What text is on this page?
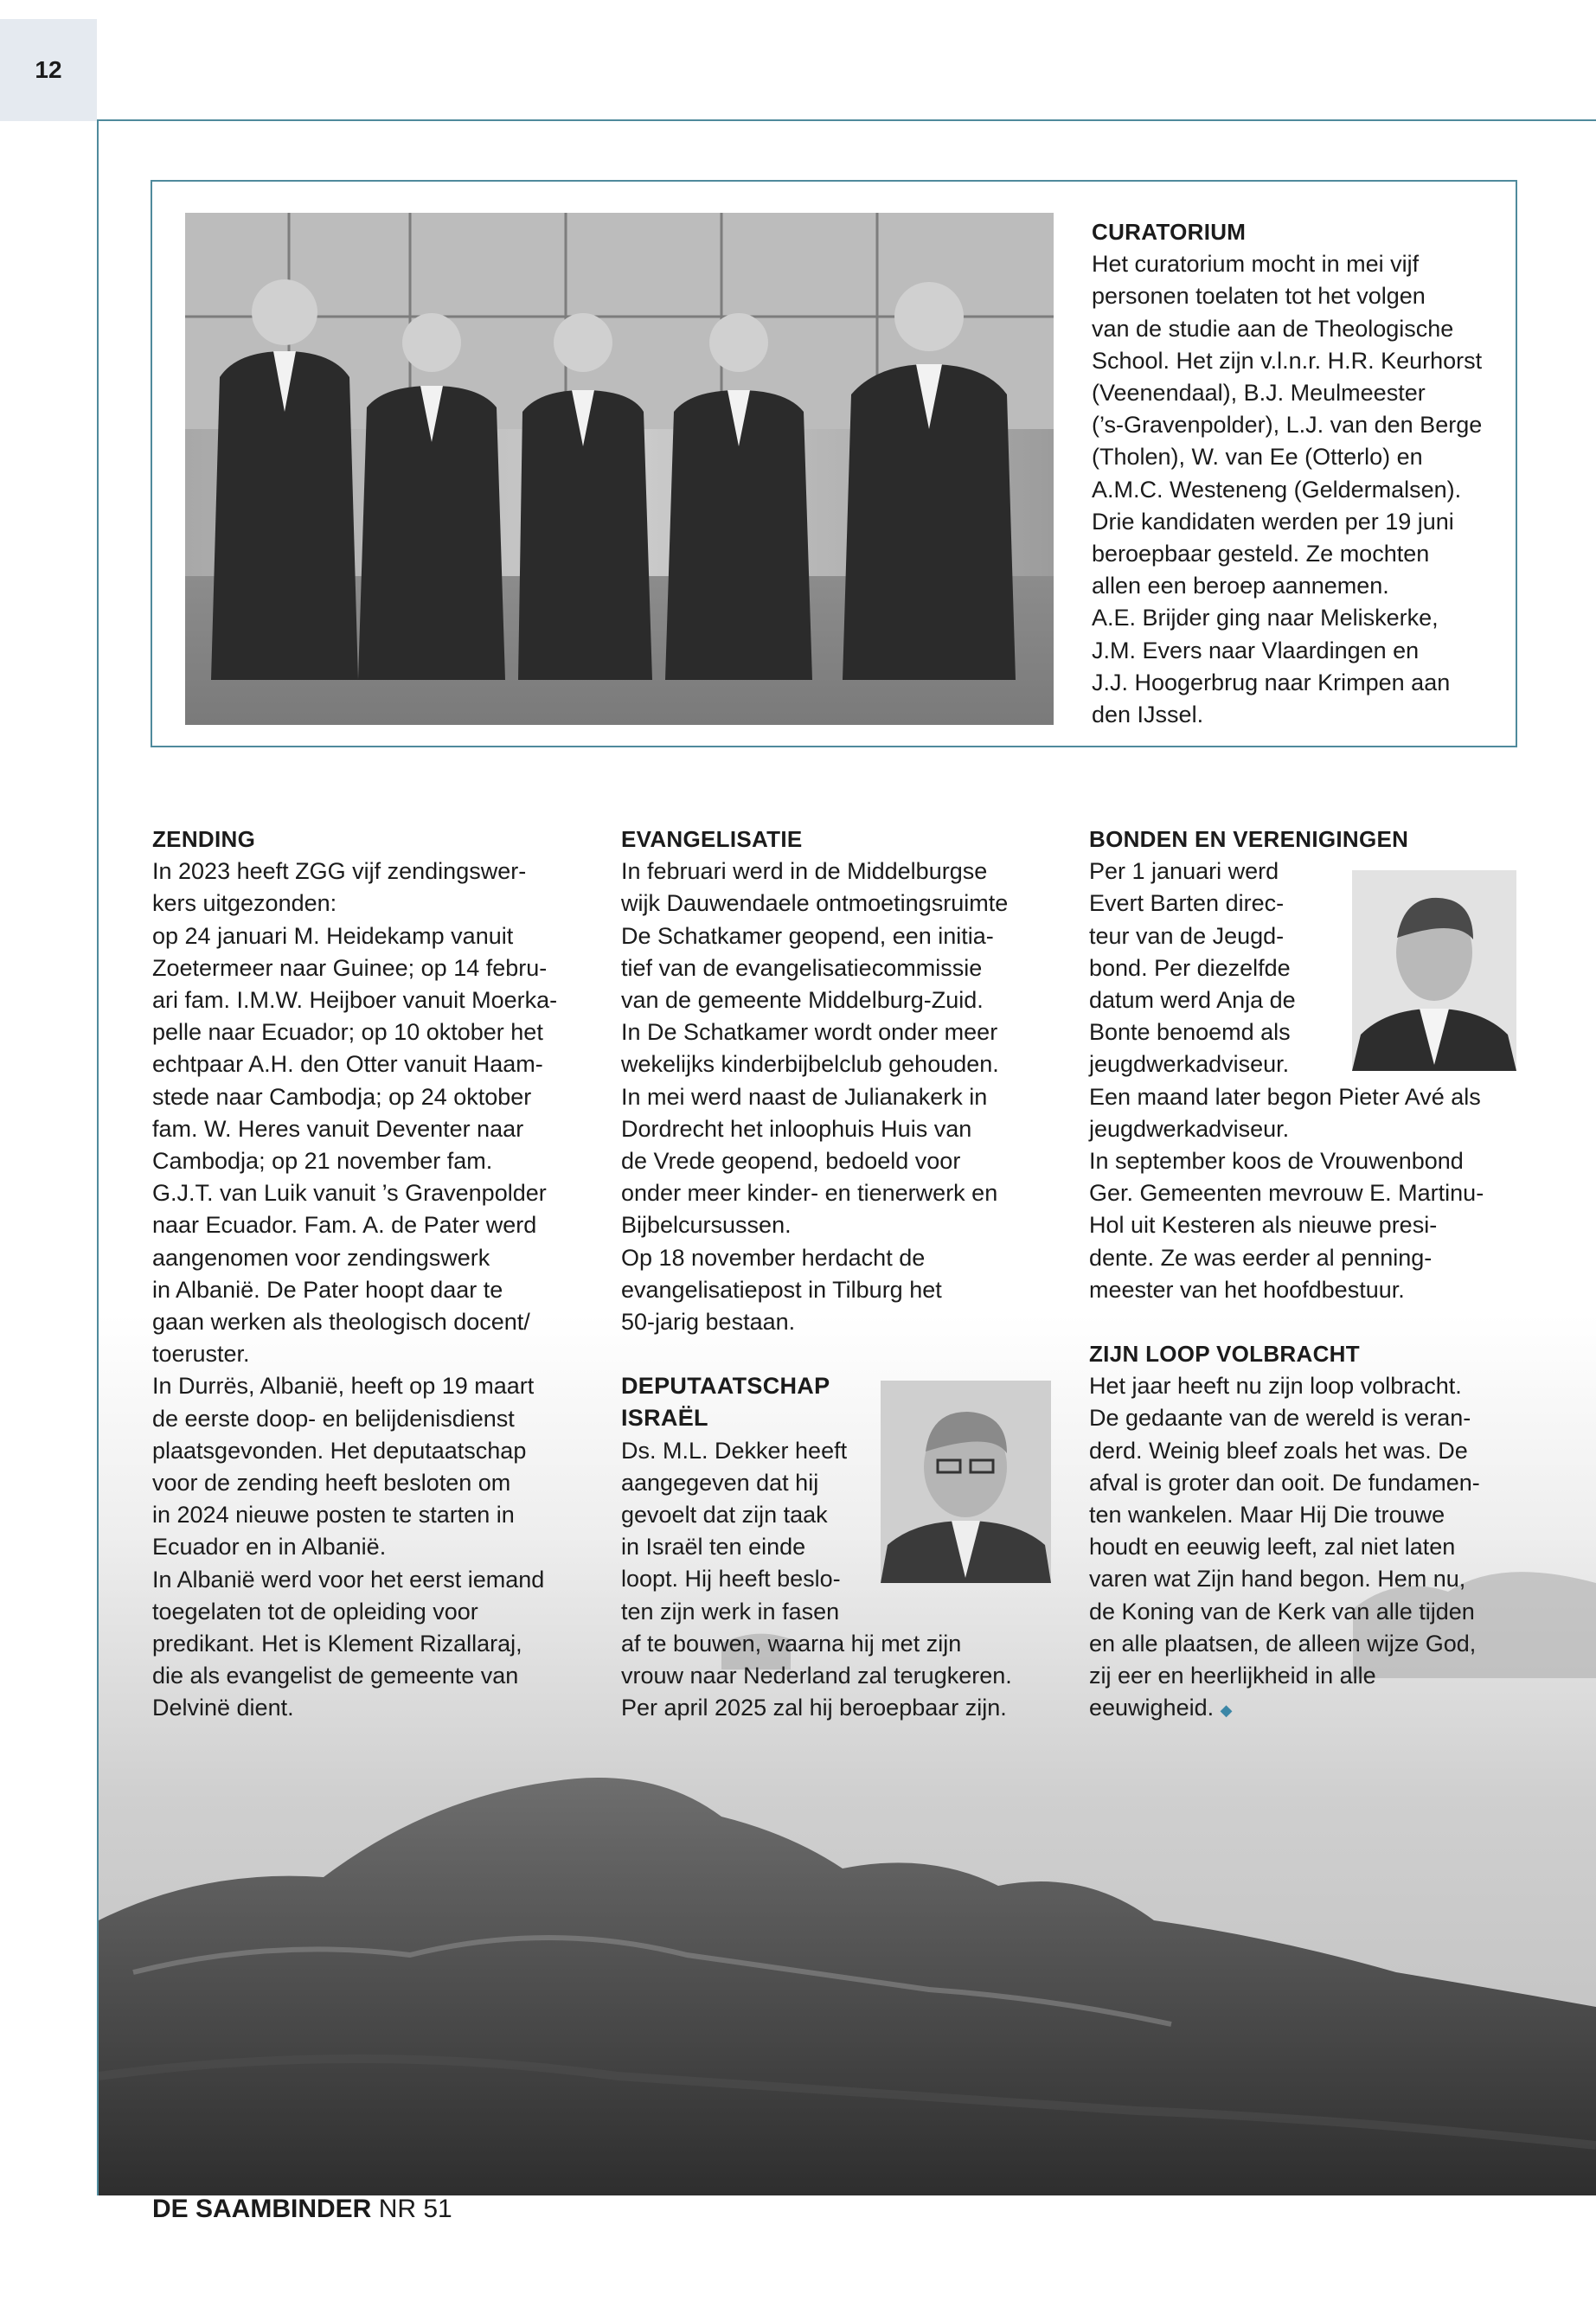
12
CURATORIUM
Het curatorium mocht in mei vijf
personen toelaten tot het volgen
van de studie aan de Theologische
School. Het zijn v.l.n.r. H.R. Keurhorst
(Veenendaal), B.J. Meulmeester
(’s-Gravenpolder), L.J. van den Berge
(Tholen), W. van Ee (Otterlo) en
A.M.C. Westeneng (Geldermalsen).
Drie kandidaten werden per 19 juni
beroepbaar gesteld. Ze mochten
allen een beroep aannemen.
A.E. Brijder ging naar Meliskerke,
J.M. Evers naar Vlaardingen en
J.J. Hoogerbrug naar Krimpen aan
den IJssel.
ZENDING
In 2023 heeft ZGG vijf zendingswer-
kers uitgezonden:
op 24 januari M. Heidekamp vanuit
Zoetermeer naar Guinee; op 14 febru-
ari fam. I.M.W. Heijboer vanuit Moerka-
pelle naar Ecuador; op 10 oktober het
echtpaar A.H. den Otter vanuit Haam-
stede naar Cambodja; op 24 oktober
fam. W. Heres vanuit Deventer naar
Cambodja; op 21 november fam.
G.J.T. van Luik vanuit ’s Gravenpolder
naar Ecuador. Fam. A. de Pater werd
aangenomen voor zendingswerk
in Albanië. De Pater hoopt daar te
gaan werken als theologisch docent/
toeruster.
In Durrës, Albanië, heeft op 19 maart
de eerste doop- en belijdenisdienst
plaatsgevonden. Het deputaatschap
voor de zending heeft besloten om
in 2024 nieuwe posten te starten in
Ecuador en in Albanië.
In Albanië werd voor het eerst iemand
toegelaten tot de opleiding voor
predikant. Het is Klement Rizallaraj,
die als evangelist de gemeente van
Delvinë dient.
EVANGELISATIE
In februari werd in de Middelburgse
wijk Dauwendaele ontmoetingsruimte
De Schatkamer geopend, een initia-
tief van de evangelisatiecommissie
van de gemeente Middelburg-Zuid.
In De Schatkamer wordt onder meer
wekelijks kinderbijbelclub gehouden.
In mei werd naast de Julianakerk in
Dordrecht het inloophuis Huis van
de Vrede geopend, bedoeld voor
onder meer kinder- en tienerwerk en
Bijbelcursussen.
Op 18 november herdacht de
evangelisatiepost in Tilburg het
50-jarig bestaan.
DEPUTAATSCHAP
ISRAËL
Ds. M.L. Dekker heeft
aangegeven dat hij
gevoelt dat zijn taak
in Israël ten einde
loopt. Hij heeft beslo-
ten zijn werk in fasen
af te bouwen, waarna hij met zijn
vrouw naar Nederland zal terugkeren.
Per april 2025 zal hij beroepbaar zijn.
BONDEN EN VERENIGINGEN
Per 1 januari werd
Evert Barten direc-
teur van de Jeugd-
bond. Per diezelfde
datum werd Anja de
Bonte benoemd als
jeugdwerkadviseur.
Een maand later begon Pieter Avé als
jeugdwerkadviseur.
In september koos de Vrouwenbond
Ger. Gemeenten mevrouw E. Martinu-
Hol uit Kesteren als nieuwe presi-
dente. Ze was eerder al penning-
meester van het hoofdbestuur.
ZIJN LOOP VOLBRACHT
Het jaar heeft nu zijn loop volbracht.
De gedaante van de wereld is veran-
derd. Weinig bleef zoals het was. De
afval is groter dan ooit. De fundamen-
ten wankelen. Maar Hij Die trouwe
houdt en eeuwig leeft, zal niet laten
varen wat Zijn hand begon. Hem nu,
de Koning van de Kerk van alle tijden
en alle plaatsen, de alleen wijze God,
zij eer en heerlijkheid in alle
eeuwigheid. ◆
DE SAAMBINDER NR 51
